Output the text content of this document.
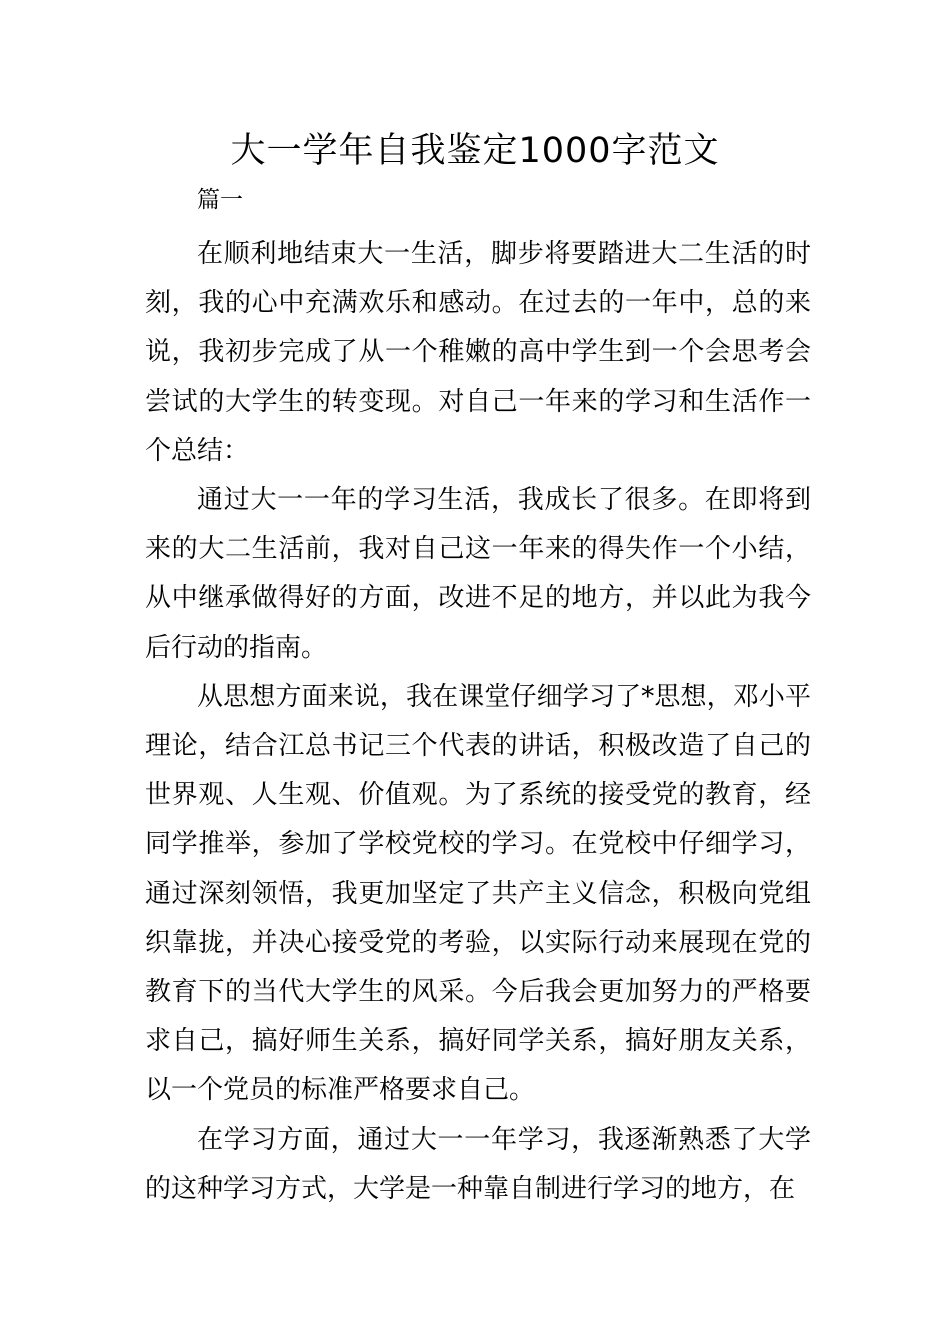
大一学年自我鉴定1000字范文

篇一

在顺利地结束大一生活，脚步将要踏进大二生活的时刻，我的心中充满欢乐和感动。在过去的一年中，总的来说，我初步完成了从一个稚嫩的高中学生到一个会思考会尝试的大学生的转变现。对自己一年来的学习和生活作一个总结：

通过大一一年的学习生活，我成长了很多。在即将到来的大二生活前，我对自己这一年来的得失作一个小结，从中继承做得好的方面，改进不足的地方，并以此为我今后行动的指南。

从思想方面来说，我在课堂仔细学习了*思想，邓小平理论，结合江总书记三个代表的讲话，积极改造了自己的世界观、人生观、价值观。为了系统的接受党的教育，经同学推举，参加了学校党校的学习。在党校中仔细学习，通过深刻领悟，我更加坚定了共产主义信念，积极向党组织靠拢，并决心接受党的考验，以实际行动来展现在党的教育下的当代大学生的风采。今后我会更加努力的严格要求自己，搞好师生关系，搞好同学关系，搞好朋友关系，以一个党员的标准严格要求自己。

在学习方面，通过大一一年学习，我逐渐熟悉了大学的这种学习方式，大学是一种靠自制进行学习的地方，在
